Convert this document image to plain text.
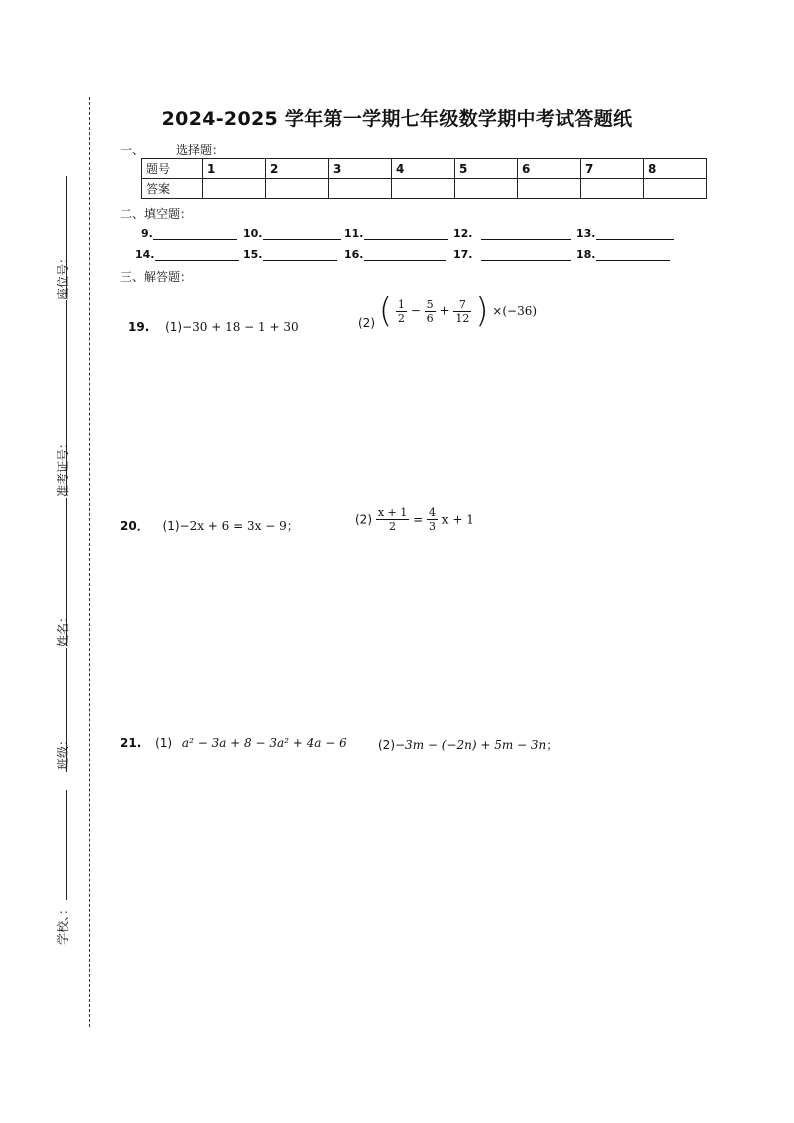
座位号：
准考证号：
姓名：
班级：
学校、：
2024-2025 学年第一学期七年级数学期中考试答题纸
一、	选择题：
题号	1	2	3	4	5	6	7	8
答案								
二、填空题：
9.	10.	11.	12.	13.
14.	15.	16.	17.	18.
三、解答题：
19. (1)−30 + 18 − 1 + 30	(2) ( $\frac{1}{2} - \frac{5}{6} + \frac{7}{12}$ ) ×(−36)
20． (1)−2x + 6 = 3x − 9；	$(2) \frac{x + 1}{2} = \frac{4}{3}$ x + 1
21. (1) a² − 3a + 8 − 3a² + 4a − 6	(2)−3m − (−2n) + 5m − 3n；
